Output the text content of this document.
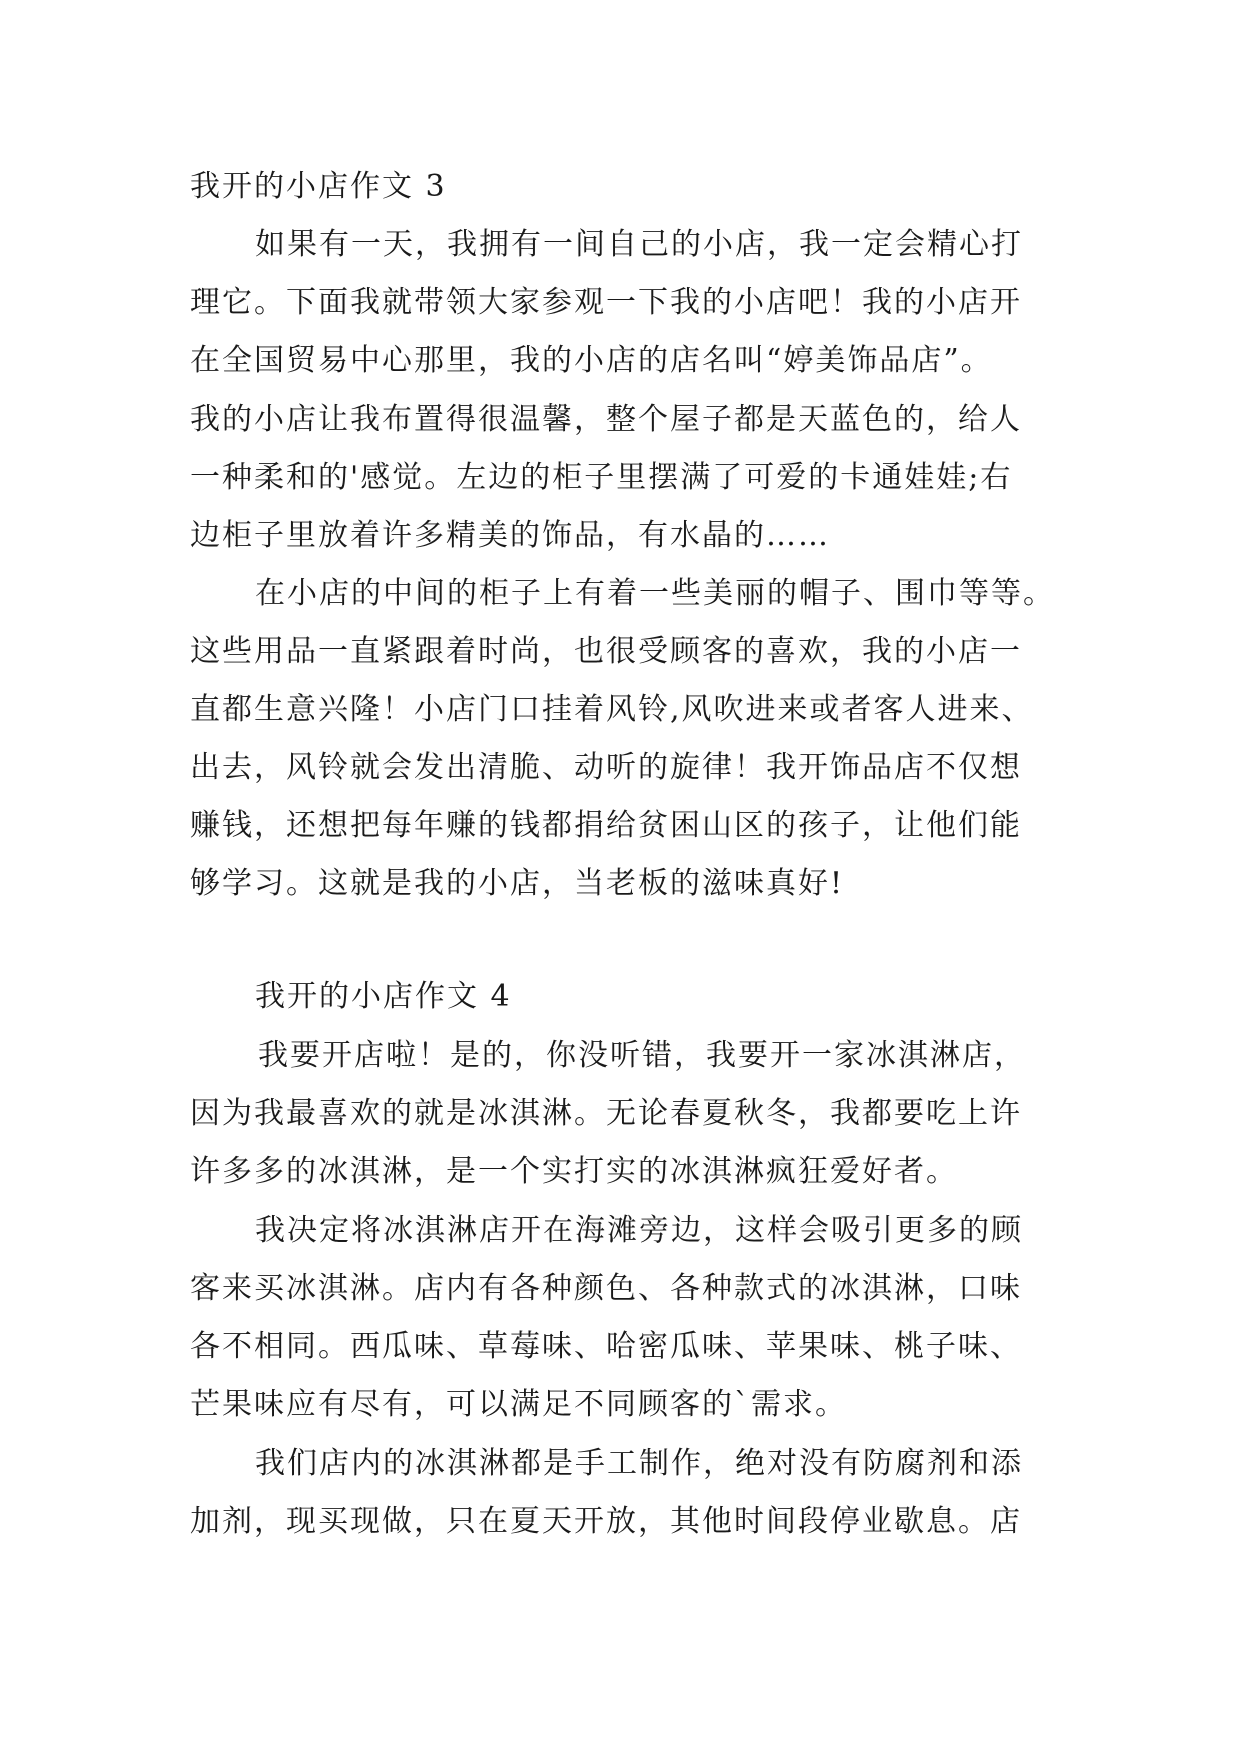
我开的小店作文 3
如果有一天，我拥有一间自己的小店，我一定会精心打
理它。下面我就带领大家参观一下我的小店吧！我的小店开
在全国贸易中心那里，我的小店的店名叫“婷美饰品店”。
我的小店让我布置得很温馨，整个屋子都是天蓝色的，给人
一种柔和的'感觉。左边的柜子里摆满了可爱的卡通娃娃;右
边柜子里放着许多精美的饰品，有水晶的……
在小店的中间的柜子上有着一些美丽的帽子、围巾等等。
这些用品一直紧跟着时尚，也很受顾客的喜欢，我的小店一
直都生意兴隆！小店门口挂着风铃,风吹进来或者客人进来、
出去，风铃就会发出清脆、动听的旋律！我开饰品店不仅想
赚钱，还想把每年赚的钱都捐给贫困山区的孩子，让他们能
够学习。这就是我的小店，当老板的滋味真好!
我开的小店作文 4
我要开店啦！是的，你没听错，我要开一家冰淇淋店，
因为我最喜欢的就是冰淇淋。无论春夏秋冬，我都要吃上许
许多多的冰淇淋，是一个实打实的冰淇淋疯狂爱好者。
我决定将冰淇淋店开在海滩旁边，这样会吸引更多的顾
客来买冰淇淋。店内有各种颜色、各种款式的冰淇淋，口味
各不相同。西瓜味、草莓味、哈密瓜味、苹果味、桃子味、
芒果味应有尽有，可以满足不同顾客的`需求。
我们店内的冰淇淋都是手工制作，绝对没有防腐剂和添
加剂，现买现做，只在夏天开放，其他时间段停业歇息。店
